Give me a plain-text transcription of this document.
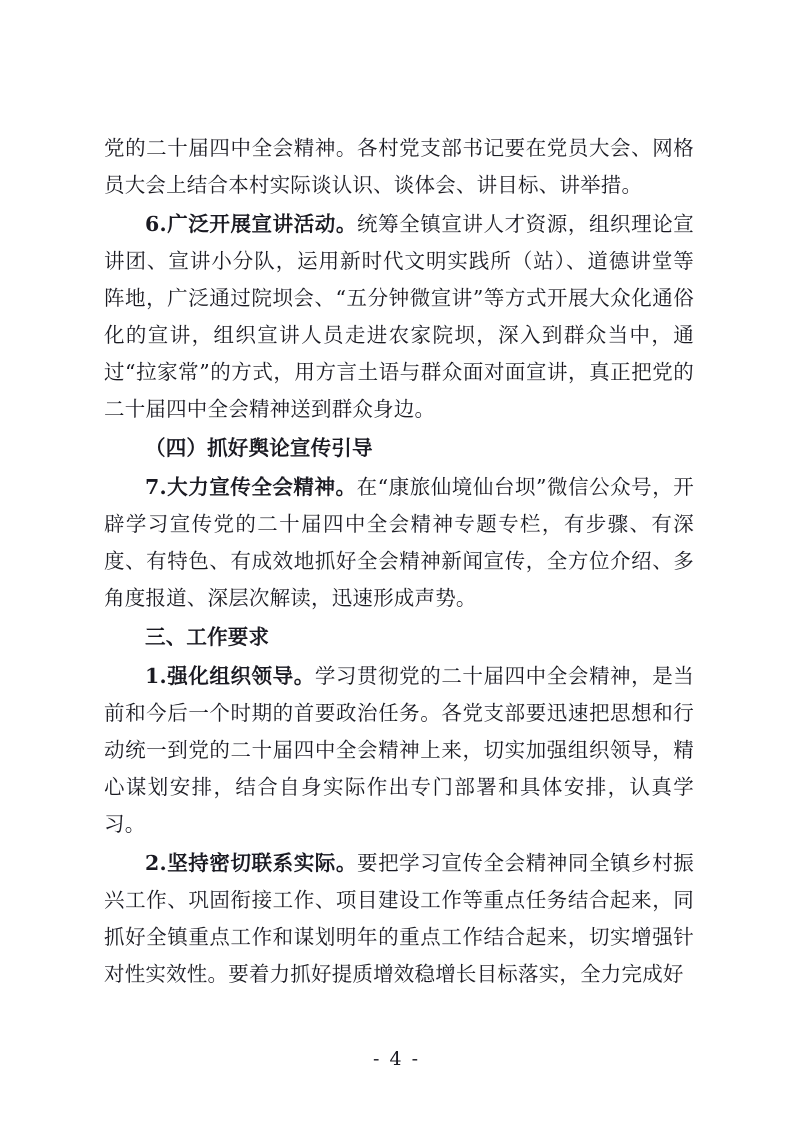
党的二十届四中全会精神。各村党支部书记要在党员大会、网格员大会上结合本村实际谈认识、谈体会、讲目标、讲举措。

6.广泛开展宣讲活动。统筹全镇宣讲人才资源，组织理论宣讲团、宣讲小分队，运用新时代文明实践所（站）、道德讲堂等阵地，广泛通过院坝会、“五分钟微宣讲”等方式开展大众化通俗化的宣讲，组织宣讲人员走进农家院坝，深入到群众当中，通过“拉家常”的方式，用方言土语与群众面对面宣讲，真正把党的二十届四中全会精神送到群众身边。

（四）抓好舆论宣传引导

7.大力宣传全会精神。在“康旅仙境仙台坝”微信公众号，开辟学习宣传党的二十届四中全会精神专题专栏，有步骤、有深度、有特色、有成效地抓好全会精神新闻宣传，全方位介绍、多角度报道、深层次解读，迅速形成声势。

三、工作要求

1.强化组织领导。学习贯彻党的二十届四中全会精神，是当前和今后一个时期的首要政治任务。各党支部要迅速把思想和行动统一到党的二十届四中全会精神上来，切实加强组织领导，精心谋划安排，结合自身实际作出专门部署和具体安排，认真学习。

2.坚持密切联系实际。要把学习宣传全会精神同全镇乡村振兴工作、巩固衔接工作、项目建设工作等重点任务结合起来，同抓好全镇重点工作和谋划明年的重点工作结合起来，切实增强针对性实效性。要着力抓好提质增效稳增长目标落实，全力完成好

- 4 -
